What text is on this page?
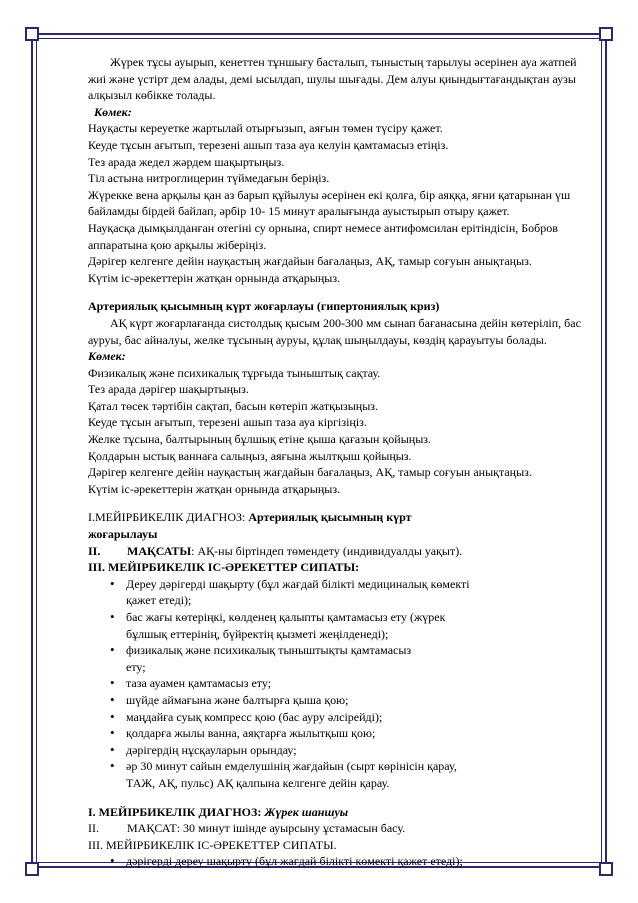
Жүрек тұсы ауырып, кенеттен тұншығу басталып, тыныстың тарылуы әсерінен ауа жатпей жиі және үстірт дем алады, демі ысылдап, шулы шығады. Дем алуы қиындығтағандықтан аузы алқызыл көбікке толады.

Көмек:

Науқасты кереуетке жартылай отырғызып, аяғын төмен түсіру қажет.

Кеуде тұсын ағытып, терезені ашып таза ауа келуін қамтамасыз етіңіз.

Тез арада жедел жәрдем шақыртыңыз.

Тіл астына нитроглицерин түймедағын беріңіз.

Жүрекке вена арқылы қан аз барып құйылуы әсерінен екі қолға, бір аяққа, яғни қатарынан үш байламды бірдей байлап, әрбір 10- 15 минут аралығында ауыстырып отыру қажет.

Науқасқа дымқылданған отегіні су орнына, спирт немесе антифомсилан ерітіндісін, Бобров аппаратына қою арқылы жіберіңіз.

Дәрігер келгенге дейін науқастың жағдайын бағалаңыз, АҚ, тамыр соғуын анықтаңыз.

Күтім іс-әрекеттерін жатқан орнында атқарыңыз.

Артериялық қысымның күрт жоғарлауы (гипертониялық криз)

АҚ күрт жоғарлағанда систолдық қысым 200-300 мм сынап бағанасына дейін көтеріліп, бас ауруы, бас айналуы, желке тұсының ауруы, құлақ шыңылдауы, көздің қарауытуы болады.

Көмек:

Физикалық және психикалық тұрғыда тыныштық сақтау.

Тез арада дәрігер шақыртыңыз.

Қатал төсек тәртібін сақтап, басын көтеріп жатқызыңыз.

Кеуде тұсын ағытып, терезені ашып таза ауа кіргізіңіз.

Желке тұсына, балтырының бұлшық етіне қыша қағазын қойыңыз.

Қолдарын ыстық ваннаға салыңыз, аяғына жылтқыш қойыңыз.

Дәрігер келгенге дейін науқастың жағдайын бағалаңыз, АҚ, тамыр соғуын анықтаңыз.

Күтім іс-әрекеттерін жатқан орнында атқарыңыз.

I.МЕЙІРБИКЕЛІК ДИАГНОЗ: Артериялық қысымның күрт

жоғарылауы

II. МАҚСАТЫ: АҚ-ны біртіндеп төмендету (индивидуалды уақыт).

III. МЕЙІРБИКЕЛІК ІС-ӘРЕКЕТТЕР СИПАТЫ:

• Дереу дәрігерді шақырту (бұл жағдай білікті медициналық көмекті
қажет етеді);
• бас жағы көтеріңкі, көлденең қалыпты қамтамасыз ету (жүрек
бұлшық еттерінің, бүйректің қызметі жеңілденеді);
• физикалық және психикалық тыныштықты қамтамасыз
ету;
• таза ауамен қамтамасыз ету;
• шүйде аймағына және балтырға қыша қою;
• маңдайға суық компресс қою (бас ауру әлсірейді);
• қолдарға жылы ванна, аяқтарға жылытқыш қою;
• дәрігердің нұсқауларын орындау;
• әр 30 минут сайын емделушінің жағдайын (сырт көрінісін қарау,
ТАЖ, АҚ, пульс) АҚ қалпына келгенге дейін қарау.

I. МЕЙІРБИКЕЛІК ДИАГНОЗ: Жүрек шаншуы

II. МАҚСАТ: 30 минут ішінде ауырсыну ұстамасын басу.

III. МЕЙІРБИКЕЛІК ІС-ӘРЕКЕТТЕР СИПАТЫ.

• дәрігерді дереу шақырту (бұл жағдай білікті көмекті қажет етеді);
